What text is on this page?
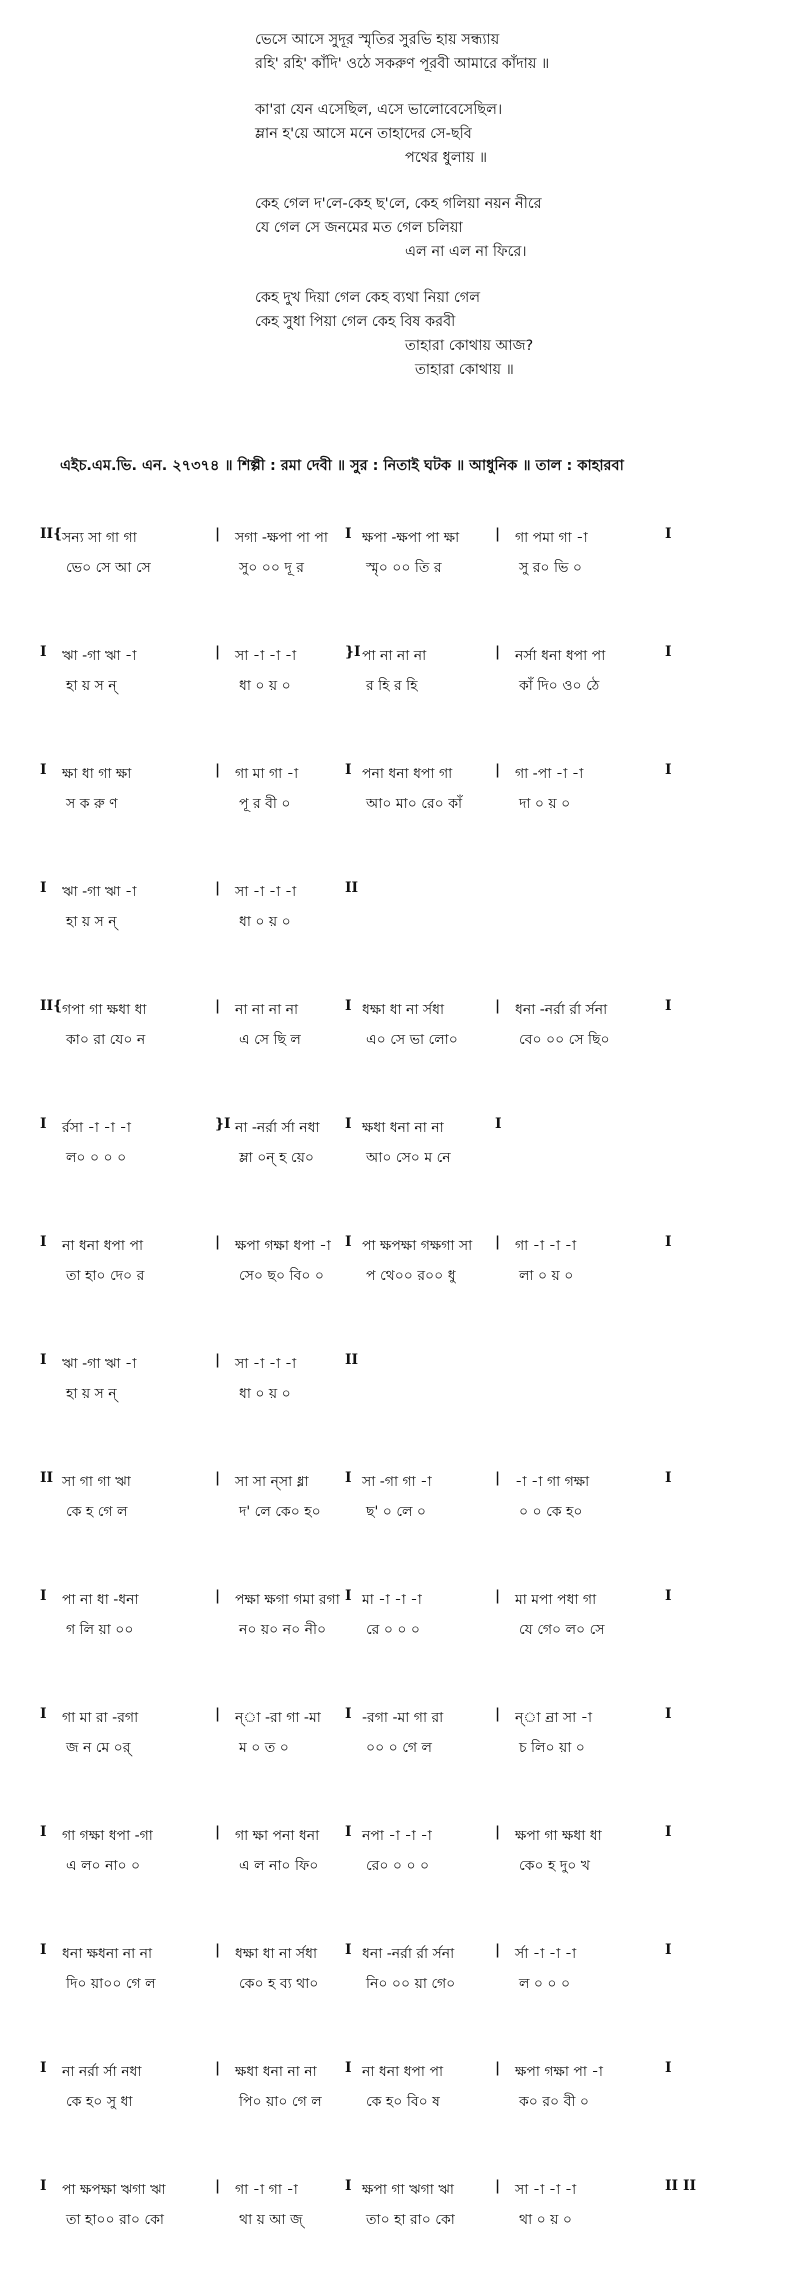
ভেসে আসে সুদূর স্মৃতির সুরভি হায় সন্ধ্যায়
রহি' রহি' কাঁদি' ওঠে সকরুণ পূরবী আমারে কাঁদায় ॥
কা'রা যেন এসেছিল, এসে ভালোবেসেছিল।
ম্লান হ'য়ে আসে মনে তাহাদের সে-ছবি
পথের ধুলায় ॥
কেহ গেল দ'লে-কেহ ছ'লে, কেহ গলিয়া নয়ন নীরে
যে গেল সে জনমের মত গেল চলিয়া
এল না এল না ফিরে।
কেহ দুখ দিয়া গেল কেহ ব্যথা নিয়া গেল
কেহ সুধা পিয়া গেল কেহ বিষ করবী
তাহারা কোথায় আজ?
তাহারা কোথায় ॥
এইচ.এম.ভি. এন. ২৭৩৭৪ ॥ শিল্পী : রমা দেবী ॥ সুর : নিতাই ঘটক ॥ আধুনিক ॥ তাল : কাহারবা
II{ সন্য সা গা গা	| সগা -ক্ষপা পা পা I ক্ষপা -ক্ষপা পা ক্ষা	| গা পমা গা -া	I
ভে০ সে আ সে	সু০ ০০ দূ র	স্মৃ০ ০০ তি র	সু র০ ভি ০
I ঋা -গা ঋা -া	| সা -া -া -া	}I পা না না না	| নর্সা ধনা ধপা পা	I
হা য় স ন্	ধা ০ য় ০	র হি র হি	কাঁ দি০ ও০ ঠে
I ক্ষা ধা গা ক্ষা	| গা মা গা -া	I পনা ধনা ধপা গা	| গা -পা -া -া	I
স ক রু ণ	পূ র বী ০	আ০ মা০ রে০ কাঁ	দা ০ য় ০
I ঋা -গা ঋা -া	| সা -া -া -া	II
হা য় স ন্	ধা ০ য় ০
II{ গপা গা ক্ষধা ধা	| না না না না	I ধক্ষা ধা না র্সধা	| ধনা -নর্রা র্রা র্সনা	I
কা০ রা যে০ ন	এ সে ছি ল	এ০ সে ভা লো০	বে০ ০০ সে ছি০
I র্রসা -া -া -া	}I না -নর্রা র্সা নধা I ক্ষধা ধনা না না	I
ল০ ০ ০ ০	ম্লা ০ন্ হ য়ে০	আ০ সে০ ম নে
I না ধনা ধপা পা	| ক্ষপা গক্ষা ধপা -া I পা ক্ষপক্ষা গক্ষগা সা | গা -া -া -া	I
তা হা০ দে০ র	সে০ ছ০ বি০ ০	প থে০০ র০০ ধু	লা ০ য় ০
I ঋা -গা ঋা -া	| সা -া -া -া	II
হা য় স ন্	ধা ০ য় ০
II সা গা গা ঋা	| সা সা ন্‌সা ধ্না	I সা -গা গা -া	| -া -া গা গক্ষা	I
কে হ গে ল	দ' লে কে০ হ০	ছ' ০ লে ০	০ ০ কে হ০
I পা না ধা -ধনা	| পক্ষা ক্ষগা গমা রগা I মা -া -া -া	| মা মপা পধা গা	I
গ লি য়া ০০	ন০ য়০ ন০ নী০	রে ০ ০ ০	যে গে০ ল০ সে
I গা মা রা -রগা	| ন্া -রা গা -মা I -রগা -মা গা রা	| ন্া ন্রা সা -া	I
জ ন মে ০র্	ম ০ ত ০	০০ ০ গে ল	চ লি০ য়া ০
I গা গক্ষা ধপা -গা	| গা ক্ষা পনা ধনা I নপা -া -া -া	| ক্ষপা গা ক্ষধা ধা	I
এ ল০ না০ ০	এ ল না০ ফি০	রে০ ০ ০ ০	কে০ হ দু০ খ
I ধনা ক্ষধনা না না	| ধক্ষা ধা না র্সধা I ধনা -নর্রা র্রা র্সনা	| র্সা -া -া -া	I
দি০ য়া০০ গে ল	কে০ হ ব্য থা০	নি০ ০০ য়া গে০	ল ০ ০ ০
I না নর্রা র্সা নধা	| ক্ষধা ধনা না না I না ধনা ধপা পা	| ক্ষপা গক্ষা পা -া	I
কে হ০ সু ধা	পি০ য়া০ গে ল	কে হ০ বি০ ষ	ক০ র০ বী ০
I পা ক্ষপক্ষা ঋগা ঋা	| গা -া গা -া	I ক্ষপা গা ঋগা ঋা	| সা -া -া -া	II II
তা হা০০ রা০ কো	থা য় আ জ্	তা০ হা রা০ কো	থা ০ য় ০
